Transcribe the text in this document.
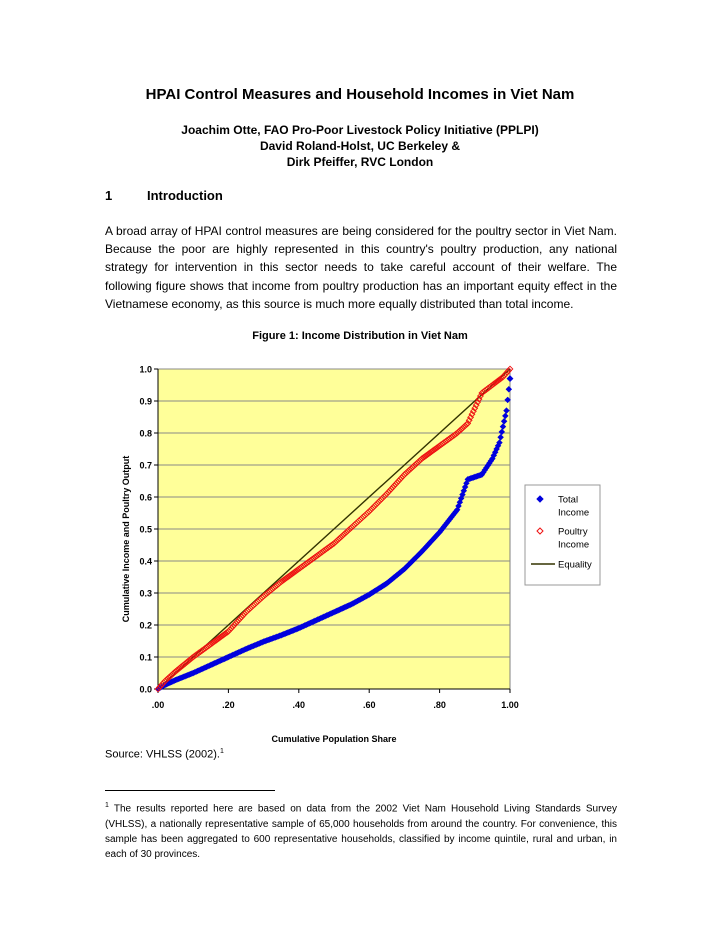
HPAI Control Measures and Household Incomes in Viet Nam
Joachim Otte, FAO Pro-Poor Livestock Policy Initiative (PPLPI)
David Roland-Holst, UC Berkeley &
Dirk Pfeiffer, RVC London
1	Introduction

A broad array of HPAI control measures are being considered for the poultry sector in Viet Nam. Because the poor are highly represented in this country's poultry production, any national strategy for intervention in this sector needs to take careful account of their welfare. The following figure shows that income from poultry production has an important equity effect in the Vietnamese economy, as this source is much more equally distributed than total income.

Figure 1: Income Distribution in Viet Nam
0.0
0.1
0.2
0.3
0.4
0.5
0.6
0.7
0.8
0.9
1.0
.00	.20	.40	.60	.80	1.00
Cumulative Population Share
Cumulative Income and Poultry Output	Total
Income
Poultry
Income
Equality
Source: VHLSS (2002).$^1$
$^1$ The results reported here are based on data from the 2002 Viet Nam Household Living Standards Survey (VHLSS), a nationally representative sample of 65,000 households from around the country. For convenience, this sample has been aggregated to 600 representative households, classified by income quintile, rural and urban, in each of 30 provinces.
